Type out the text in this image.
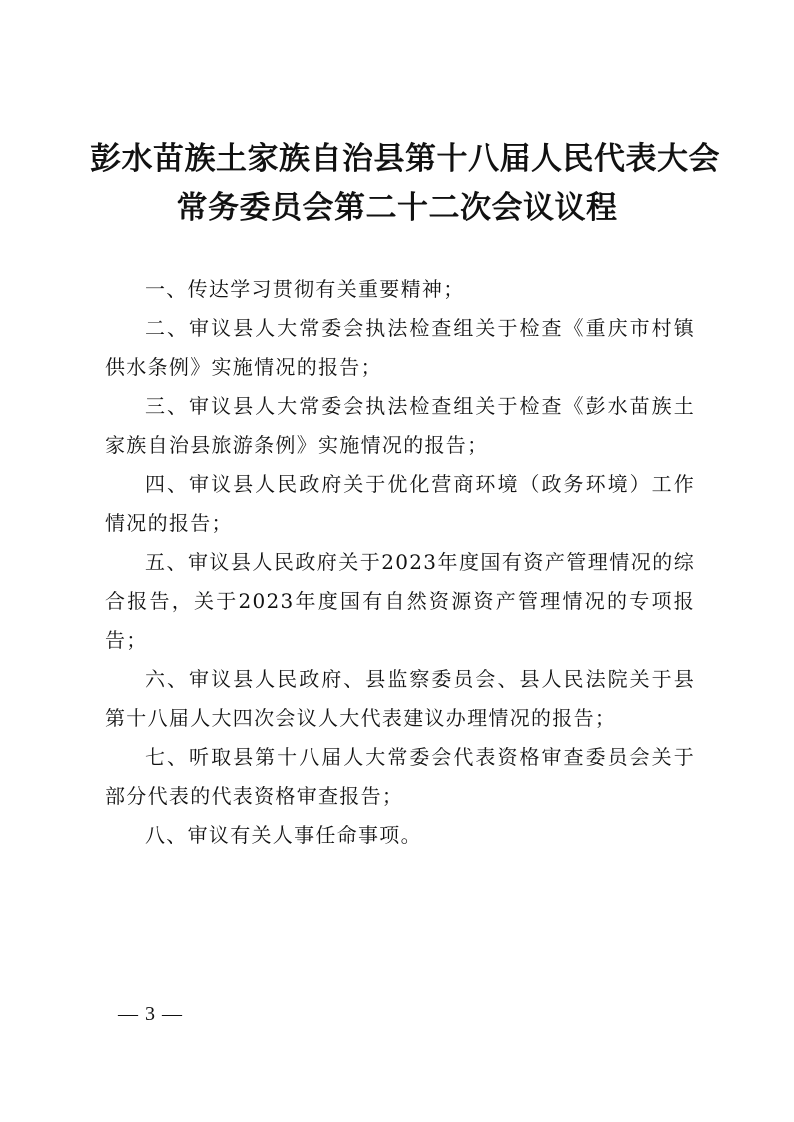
彭水苗族土家族自治县第十八届人民代表大会
常务委员会第二十二次会议议程

一、传达学习贯彻有关重要精神；

二、审议县人大常委会执法检查组关于检查《重庆市村镇供水条例》实施情况的报告；

三、审议县人大常委会执法检查组关于检查《彭水苗族土家族自治县旅游条例》实施情况的报告；

四、审议县人民政府关于优化营商环境（政务环境）工作情况的报告；

五、审议县人民政府关于2023年度国有资产管理情况的综合报告，关于2023年度国有自然资源资产管理情况的专项报告；

六、审议县人民政府、县监察委员会、县人民法院关于县第十八届人大四次会议人大代表建议办理情况的报告；

七、听取县第十八届人大常委会代表资格审查委员会关于部分代表的代表资格审查报告；

八、审议有关人事任命事项。

— 3 —
